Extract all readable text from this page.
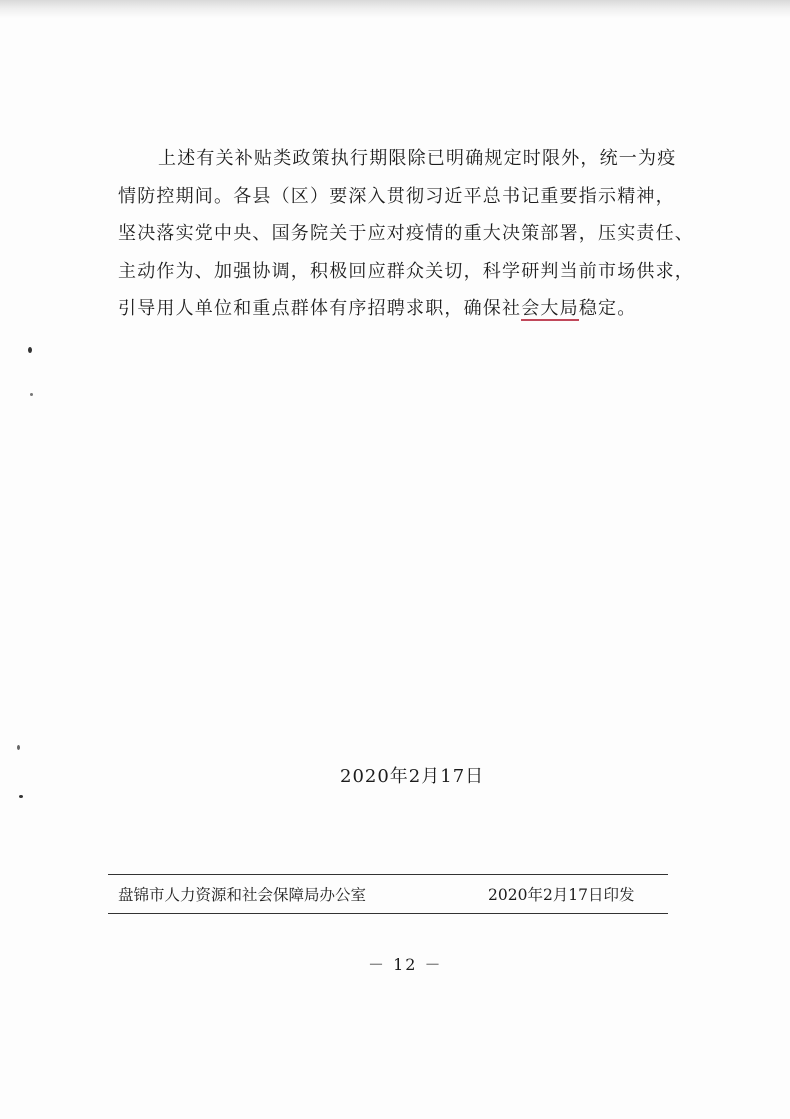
上述有关补贴类政策执行期限除已明确规定时限外，统一为疫
情防控期间。各县（区）要深入贯彻习近平总书记重要指示精神，
坚决落实党中央、国务院关于应对疫情的重大决策部署，压实责任、
主动作为、加强协调，积极回应群众关切，科学研判当前市场供求，
引导用人单位和重点群体有序招聘求职，确保社会大局稳定。
2020年2月17日
盘锦市人力资源和社会保障局办公室	2020年2月17日印发
－ 12 －
